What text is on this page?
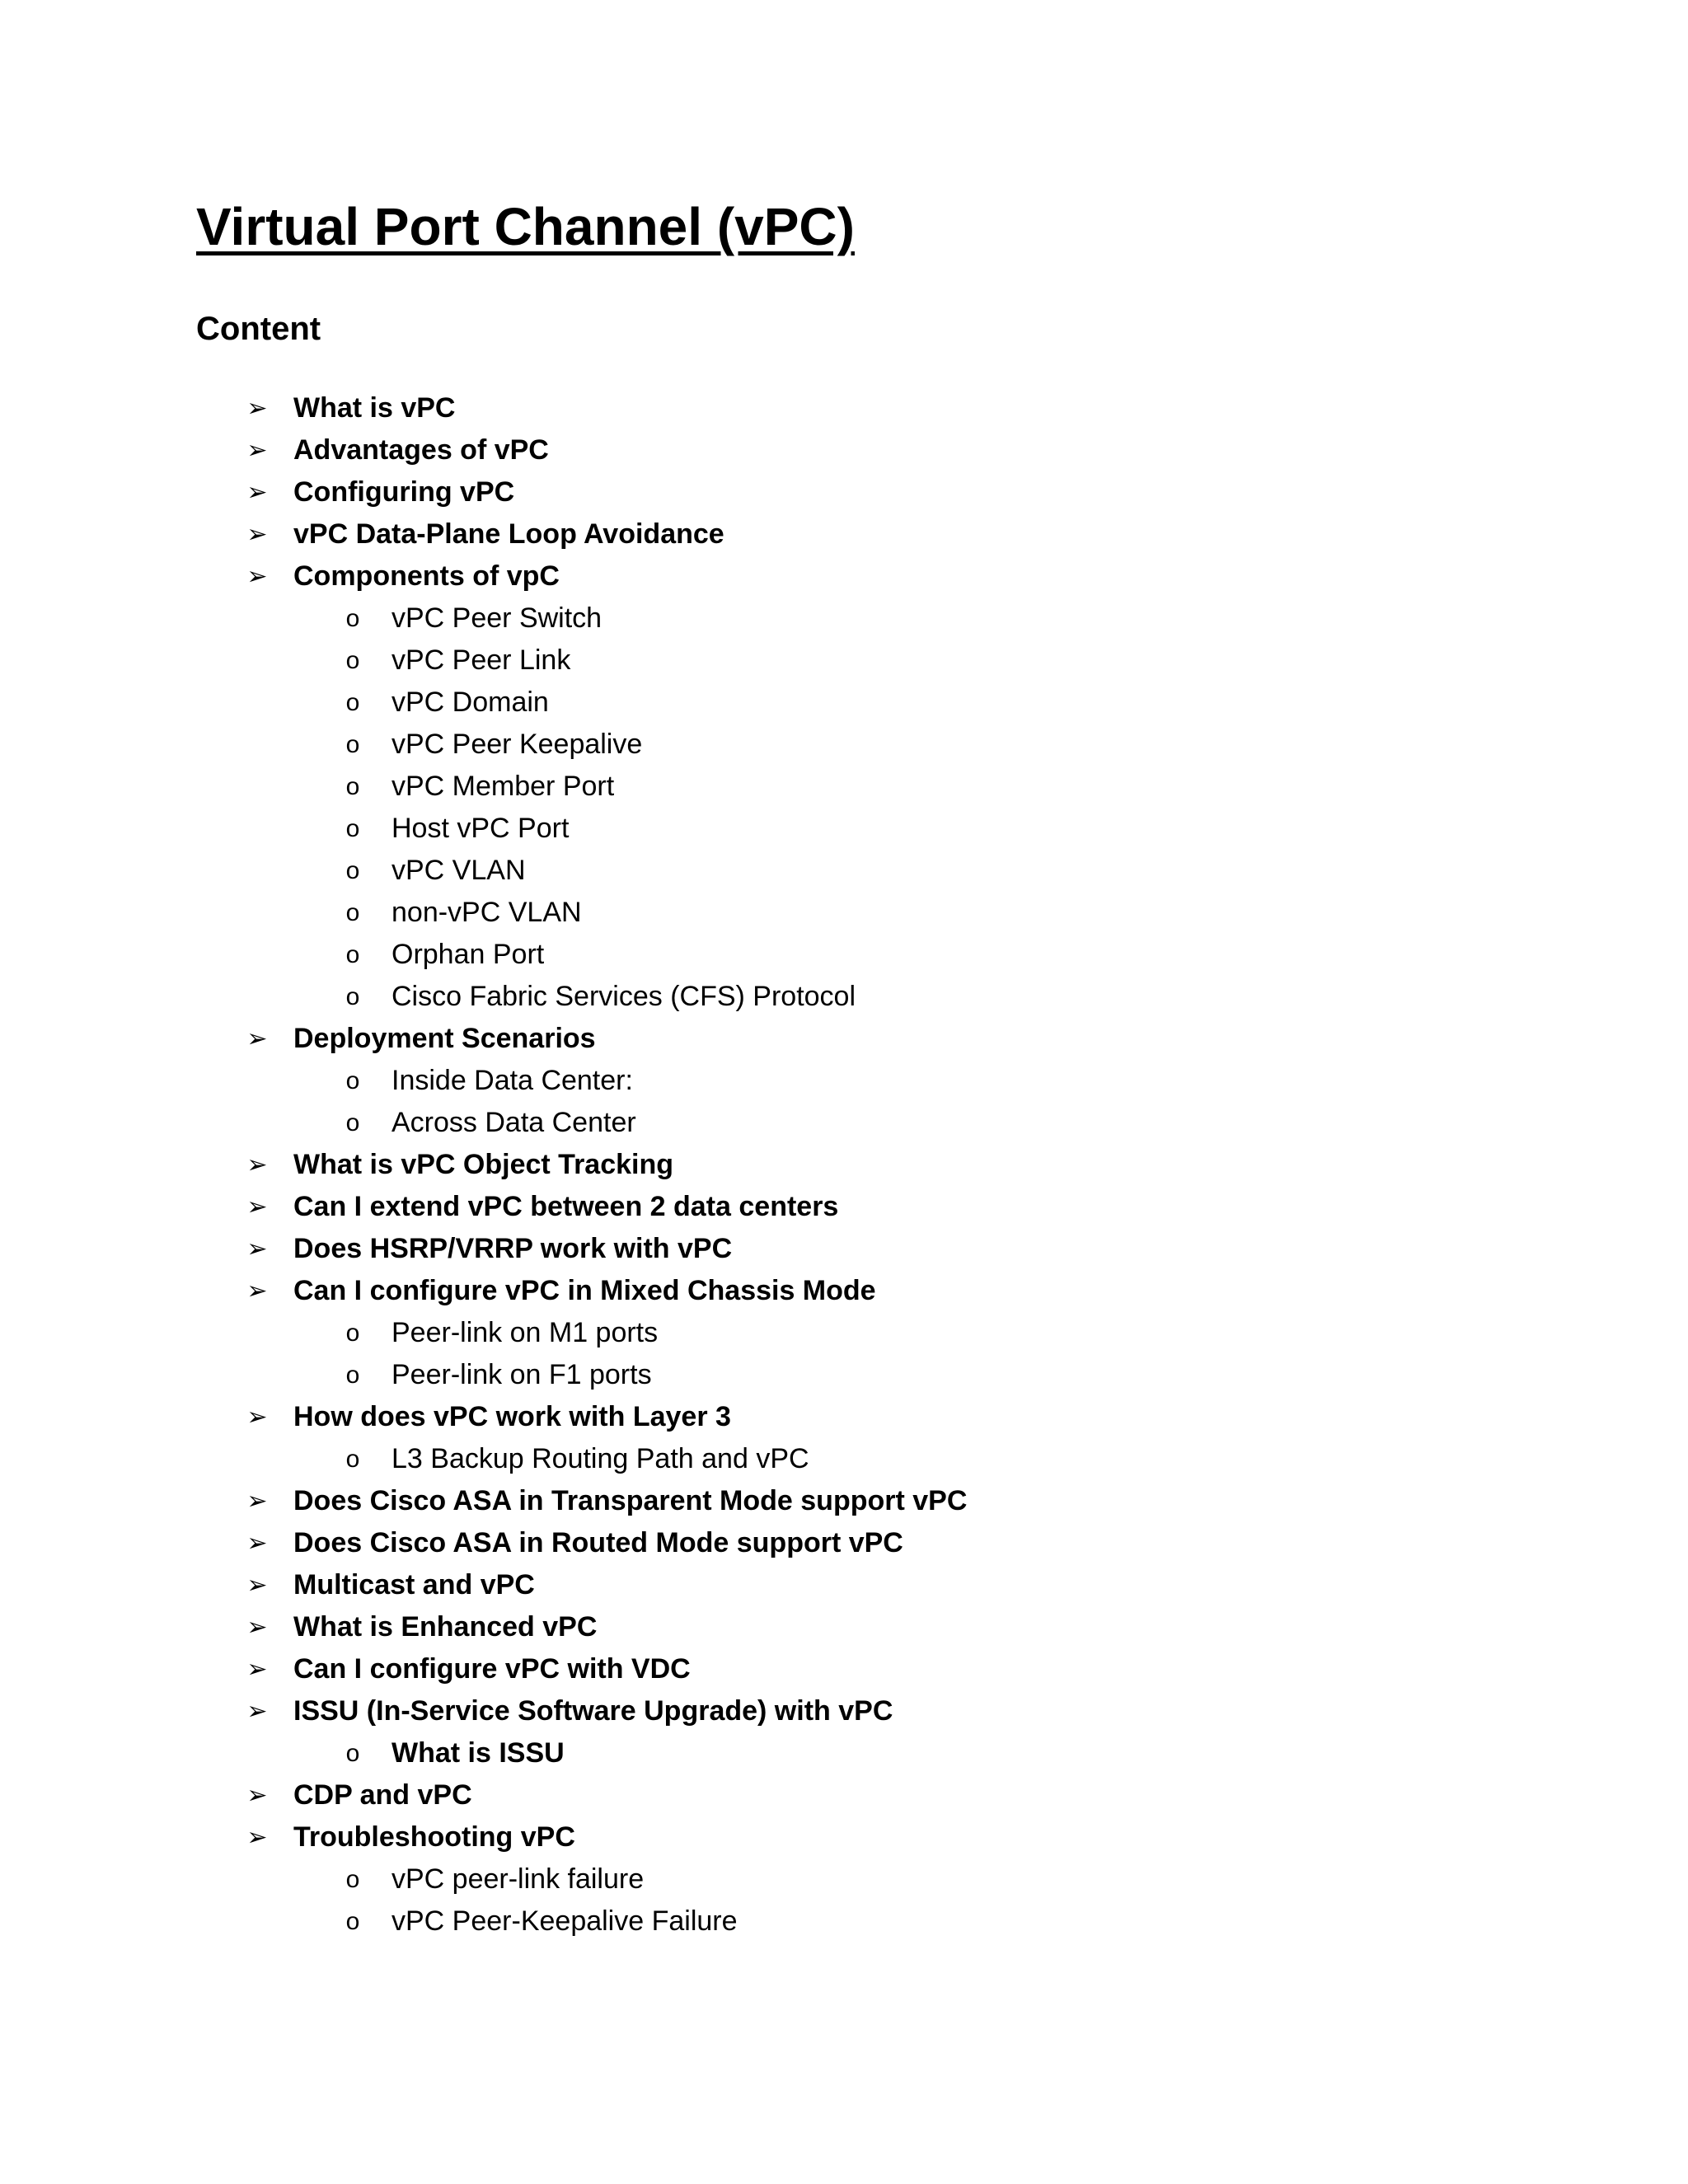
Virtual Port Channel (vPC)
Content
➢ What is vPC
➢ Advantages of vPC
➢ Configuring vPC
➢ vPC Data-Plane Loop Avoidance
➢ Components of vpC
o	vPC Peer Switch
o	vPC Peer Link
o	vPC Domain
o	vPC Peer Keepalive
o	vPC Member Port
o	Host vPC Port
o	vPC VLAN
o	non-vPC VLAN
o	Orphan Port
o	Cisco Fabric Services (CFS) Protocol
➢ Deployment Scenarios
o	Inside Data Center:
o	Across Data Center
➢ What is vPC Object Tracking
➢ Can I extend vPC between 2 data centers
➢ Does HSRP/VRRP work with vPC
➢ Can I configure vPC in Mixed Chassis Mode
o	Peer-link on M1 ports
o	Peer-link on F1 ports
➢ How does vPC work with Layer 3
o	L3 Backup Routing Path and vPC
➢ Does Cisco ASA in Transparent Mode support vPC
➢ Does Cisco ASA in Routed Mode support vPC
➢ Multicast and vPC
➢ What is Enhanced vPC
➢ Can I configure vPC with VDC
➢ ISSU (In-Service Software Upgrade) with vPC
o	What is ISSU
➢ CDP and vPC
➢ Troubleshooting vPC
o	vPC peer-link failure
o	vPC Peer-Keepalive Failure
